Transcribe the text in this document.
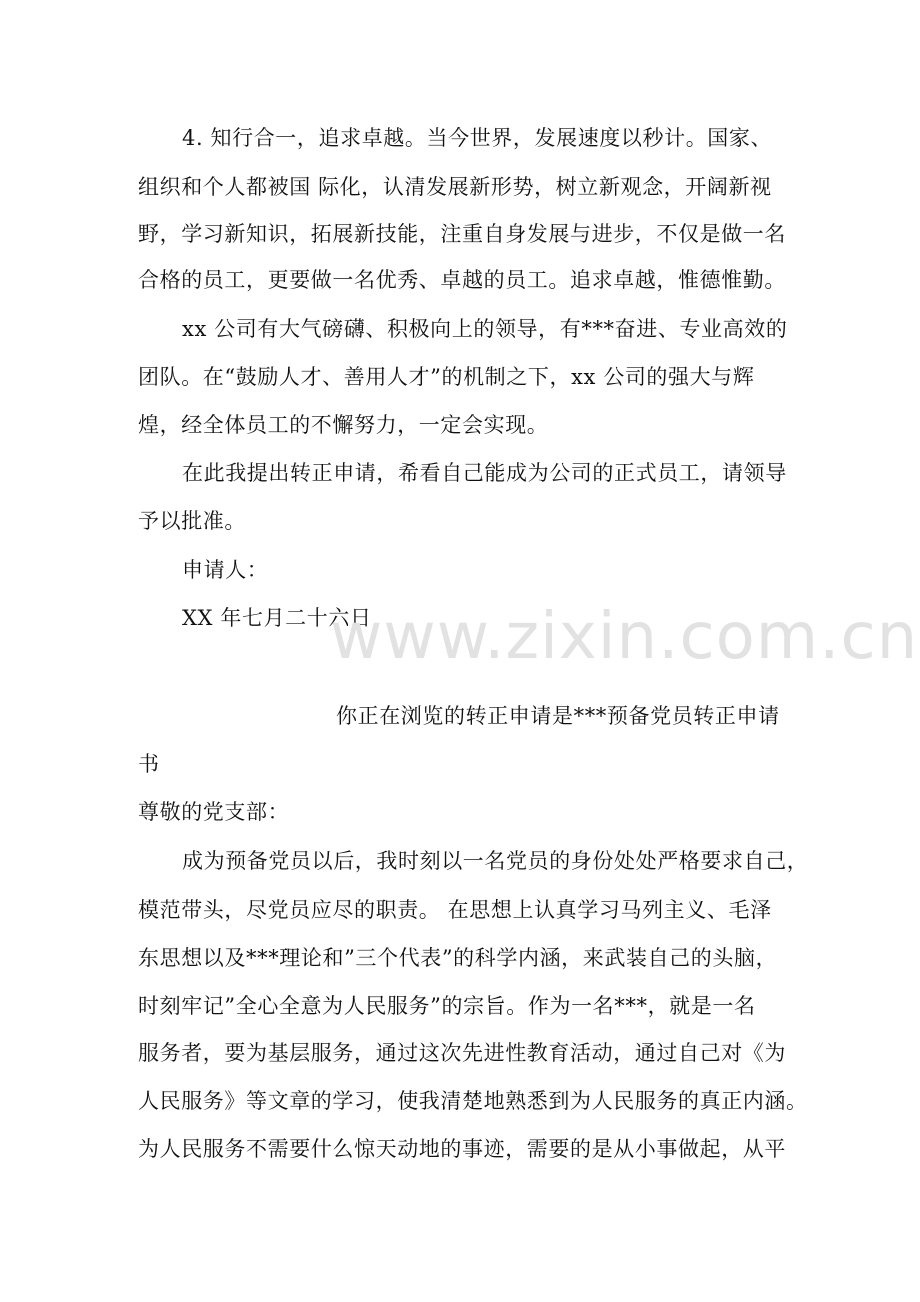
4. 知行合一，追求卓越。当今世界，发展速度以秒计。国家、
组织和个人都被国 际化，认清发展新形势，树立新观念，开阔新视
野，学习新知识，拓展新技能，注重自身发展与进步，不仅是做一名
合格的员工，更要做一名优秀、卓越的员工。追求卓越，惟德惟勤。
xx 公司有大气磅礴、积极向上的领导，有***奋进、专业高效的
团队。在“鼓励人才、善用人才”的机制之下，xx 公司的强大与辉
煌，经全体员工的不懈努力，一定会实现。
在此我提出转正申请，希看自己能成为公司的正式员工，请领导
予以批准。
申请人：
XX 年七月二十六日
你正在浏览的转正申请是***预备党员转正申请
书
尊敬的党支部：
成为预备党员以后，我时刻以一名党员的身份处处严格要求自己，
模范带头，尽党员应尽的职责。 在思想上认真学习马列主义、毛泽
东思想以及***理论和”三个代表”的科学内涵，来武装自己的头脑，
时刻牢记”全心全意为人民服务”的宗旨。作为一名***，就是一名
服务者，要为基层服务，通过这次先进性教育活动，通过自己对《为
人民服务》等文章的学习，使我清楚地熟悉到为人民服务的真正内涵。
为人民服务不需要什么惊天动地的事迹，需要的是从小事做起，从平
www.zixin.com.cn
